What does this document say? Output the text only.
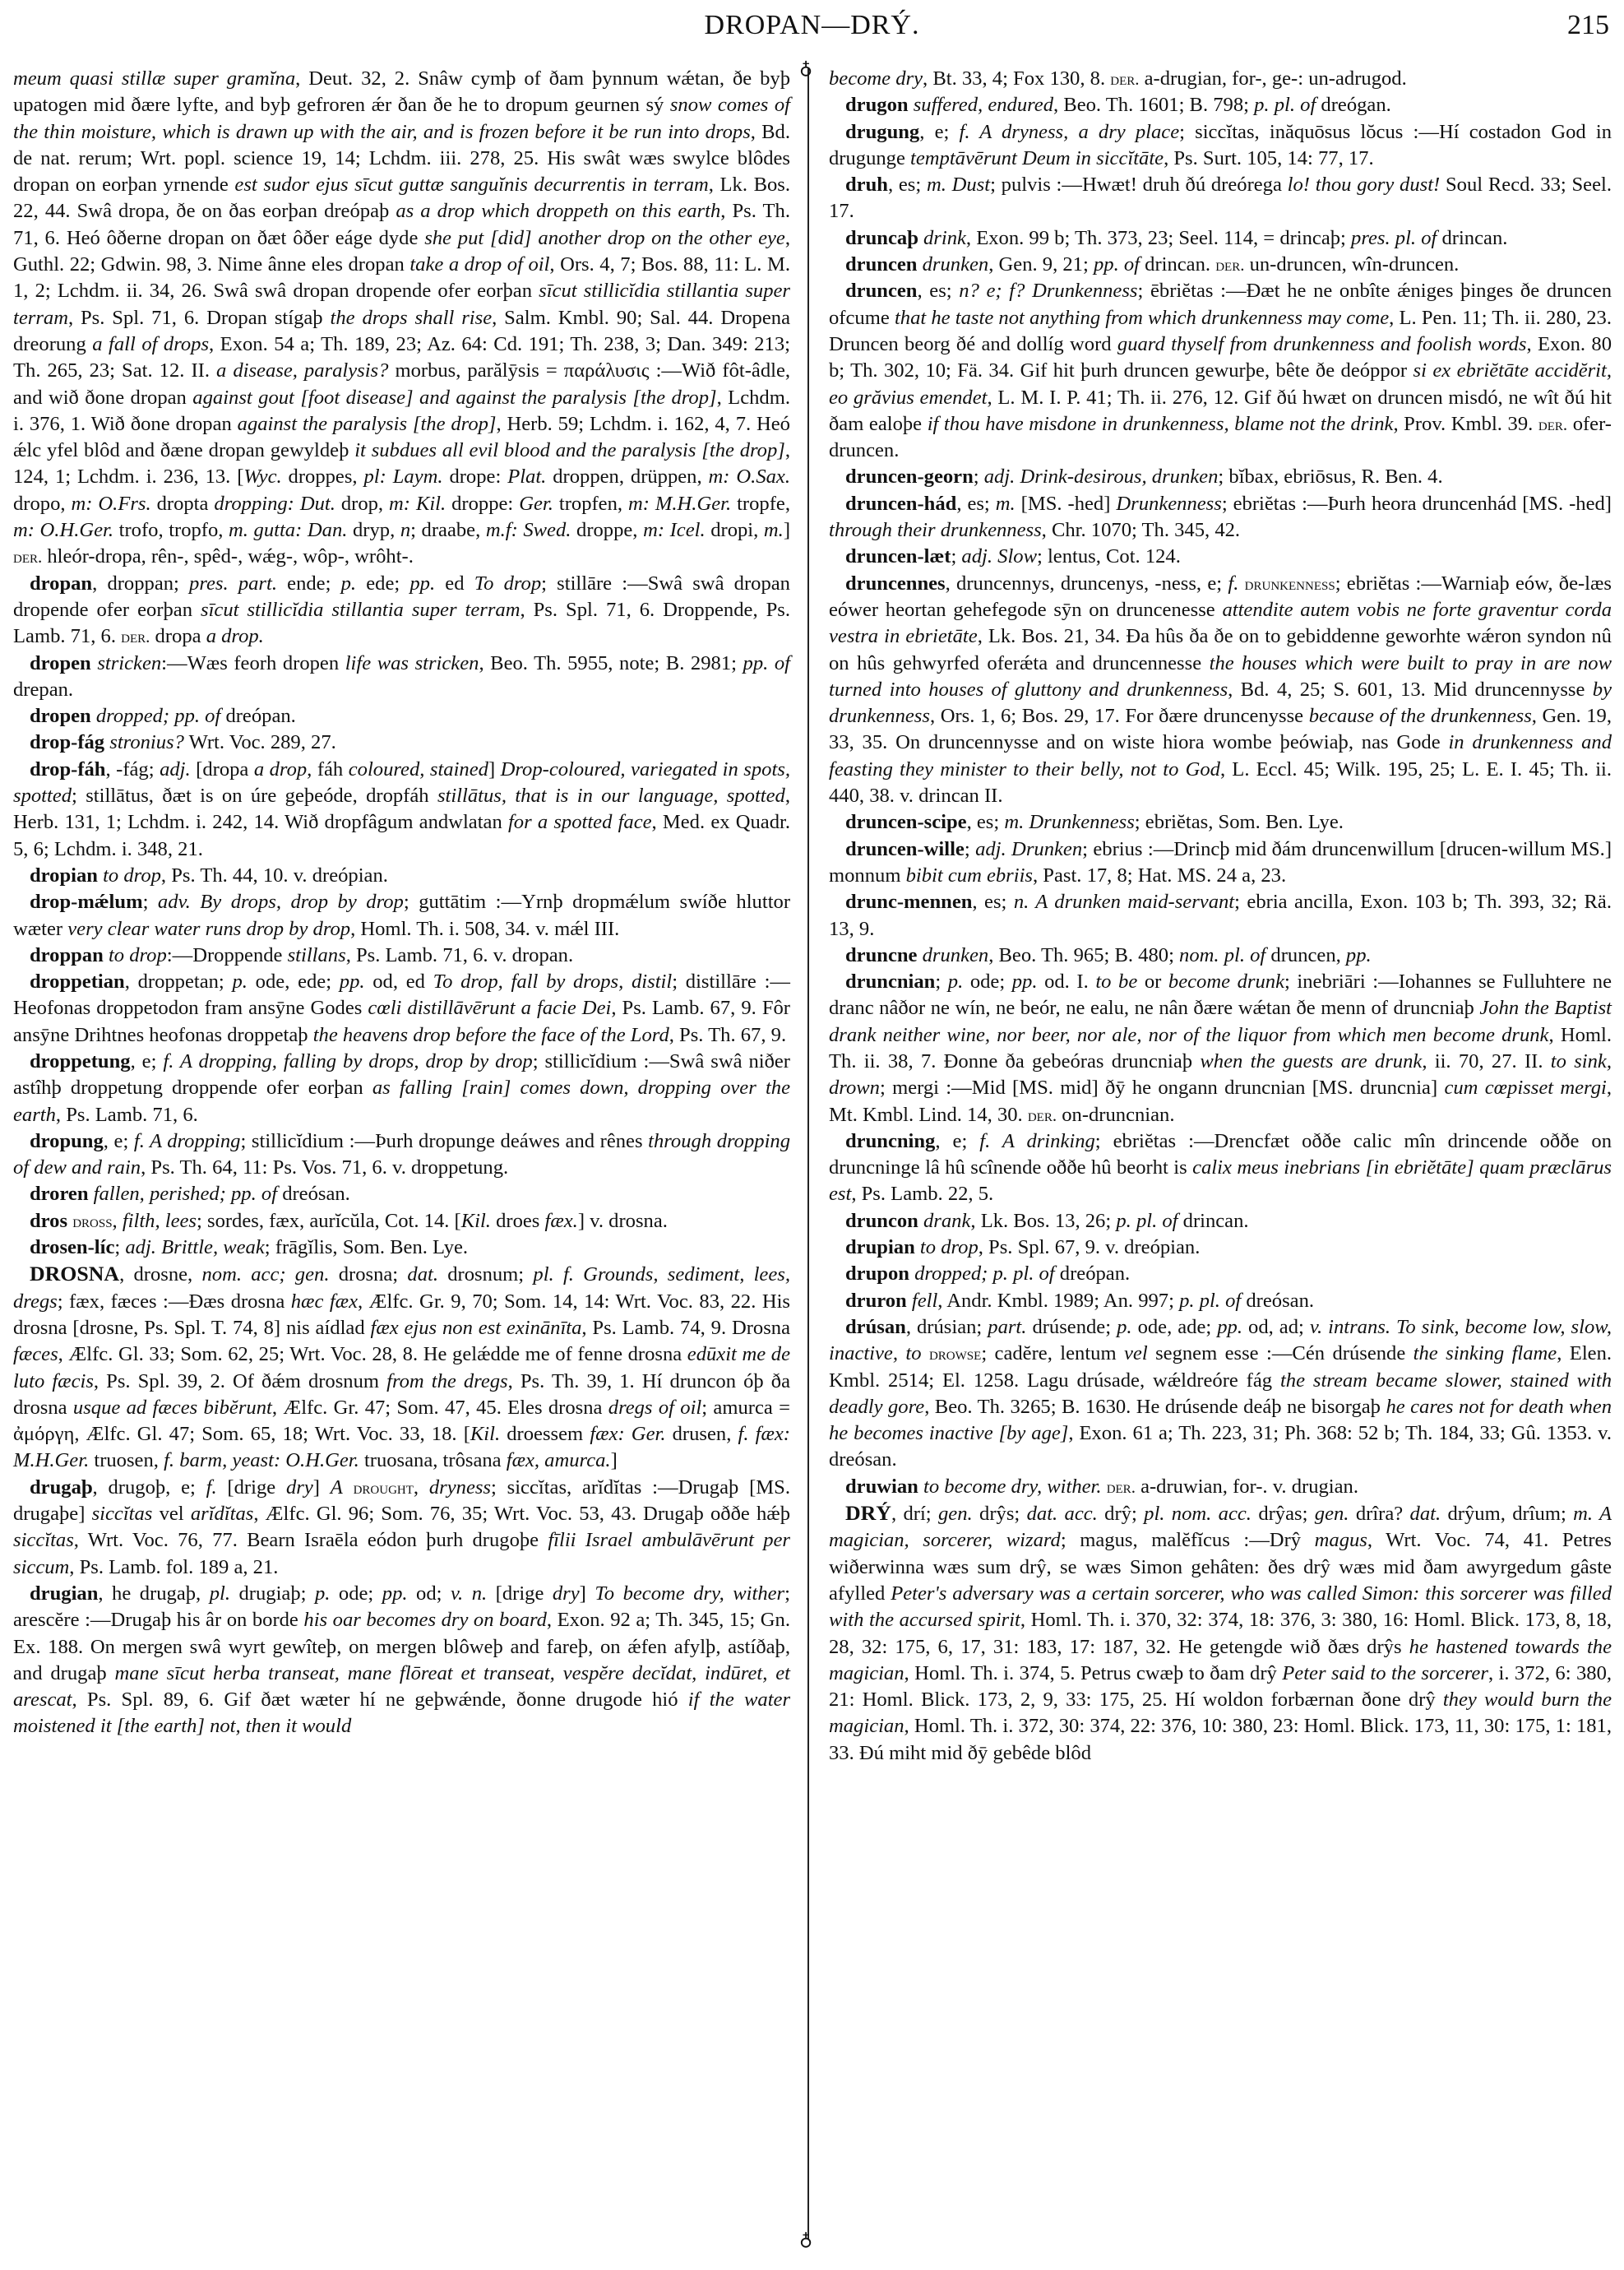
DROPAN—DRÝ.	215

meum quasi stillæ super gramĭna, Deut. 32, 2. Snâw cymþ of ðam þynnum wǽtan, ðe byþ upatogen mid ðære lyfte, and byþ gefroren ǽr ðan ðe he to dropum geurnen sý snow comes of the thin moisture, which is drawn up with the air, and is frozen before it be run into drops, Bd. de nat. rerum; Wrt. popl. science 19, 14; Lchdm. iii. 278, 25. His swât wæs swylce blôdes dropan on eorþan yrnende est sudor ejus sīcut guttæ sanguĭnis decurrentis in terram, Lk. Bos. 22, 44. Swâ dropa, ðe on ðas eorþan dreópaþ as a drop which droppeth on this earth, Ps. Th. 71, 6. Heó ôðerne dropan on ðæt ôðer eáge dyde she put [did] another drop on the other eye, Guthl. 22; Gdwin. 98, 3. Nime ânne eles dropan take a drop of oil, Ors. 4, 7; Bos. 88, 11: L. M. 1, 2; Lchdm. ii. 34, 26. Swâ swâ dropan dropende ofer eorþan sīcut stillicĭdia stillantia super terram, Ps. Spl. 71, 6. Dropan stígaþ the drops shall rise, Salm. Kmbl. 90; Sal. 44. Dropena dreorung a fall of drops, Exon. 54 a; Th. 189, 23; Az. 64: Cd. 191; Th. 238, 3; Dan. 349: 213; Th. 265, 23; Sat. 12. II. a disease, paralysis? morbus, parălȳsis = παράλυσις :—Wið fôt-âdle, and wið ðone dropan against gout [foot disease] and against the paralysis [the drop], Lchdm. i. 376, 1. Wið ðone dropan against the paralysis [the drop], Herb. 59; Lchdm. i. 162, 4, 7. Heó ǽlc yfel blôd and ðæne dropan gewyldeþ it subdues all evil blood and the paralysis [the drop], 124, 1; Lchdm. i. 236, 13. [Wyc. droppes, pl: Laym. drope: Plat. droppen, drüppen, m: O.Sax. dropo, m: O.Frs. dropta dropping: Dut. drop, m: Kil. droppe: Ger. tropfen, m: M.H.Ger. tropfe, m: O.H.Ger. trofo, tropfo, m. gutta: Dan. dryp, n; draabe, m.f: Swed. droppe, m: Icel. dropi, m.] der. hleór-dropa, rên-, spêd-, wǽg-, wôp-, wrôht-.

dropan, droppan; pres. part. ende; p. ede; pp. ed To drop; stillāre :—Swâ swâ dropan dropende ofer eorþan sīcut stillicĭdia stillantia super terram, Ps. Spl. 71, 6. Droppende, Ps. Lamb. 71, 6. der. dropa a drop.

dropen stricken:—Wæs feorh dropen life was stricken, Beo. Th. 5955, note; B. 2981; pp. of drepan.

dropen dropped; pp. of dreópan.

drop-fág stronius? Wrt. Voc. 289, 27.

drop-fáh, -fág; adj. [dropa a drop, fáh coloured, stained] Drop-coloured, variegated in spots, spotted; stillātus, ðæt is on úre geþeóde, dropfáh stillātus, that is in our language, spotted, Herb. 131, 1; Lchdm. i. 242, 14. Wið dropfâgum andwlatan for a spotted face, Med. ex Quadr. 5, 6; Lchdm. i. 348, 21.

dropian to drop, Ps. Th. 44, 10. v. dreópian.

drop-mǽlum; adv. By drops, drop by drop; guttātim :—Yrnþ dropmǽlum swíðe hluttor wæter very clear water runs drop by drop, Homl. Th. i. 508, 34. v. mǽl III.

droppan to drop:—Droppende stillans, Ps. Lamb. 71, 6. v. dropan.

droppetian, droppetan; p. ode, ede; pp. od, ed To drop, fall by drops, distil; distillāre :—Heofonas droppetodon fram ansȳne Godes cœli distillāvērunt a facie Dei, Ps. Lamb. 67, 9. Fôr ansȳne Drihtnes heofonas droppetaþ the heavens drop before the face of the Lord, Ps. Th. 67, 9.

droppetung, e; f. A dropping, falling by drops, drop by drop; stillicĭdium :—Swâ swâ niðer astîhþ droppetung droppende ofer eorþan as falling [rain] comes down, dropping over the earth, Ps. Lamb. 71, 6.

dropung, e; f. A dropping; stillicĭdium :—Þurh dropunge deáwes and rênes through dropping of dew and rain, Ps. Th. 64, 11: Ps. Vos. 71, 6. v. droppetung.

droren fallen, perished; pp. of dreósan.

dros dross, filth, lees; sordes, fæx, aurĭcŭla, Cot. 14. [Kil. droes fæx.] v. drosna.

drosen-líc; adj. Brittle, weak; frāgĭlis, Som. Ben. Lye.

DROSNA, drosne, nom. acc; gen. drosna; dat. drosnum; pl. f. Grounds, sediment, lees, dregs; fæx, fæces :—Ðæs drosna hæc fæx, Ælfc. Gr. 9, 70; Som. 14, 14: Wrt. Voc. 83, 22. His drosna [drosne, Ps. Spl. T. 74, 8] nis aídlad fæx ejus non est exinānīta, Ps. Lamb. 74, 9. Drosna fæces, Ælfc. Gl. 33; Som. 62, 25; Wrt. Voc. 28, 8. He gelǽdde me of fenne drosna edūxit me de luto fæcis, Ps. Spl. 39, 2. Of ðǽm drosnum from the dregs, Ps. Th. 39, 1. Hí druncon óþ ða drosna usque ad fæces bibĕrunt, Ælfc. Gr. 47; Som. 47, 45. Eles drosna dregs of oil; amurca = ἀμόργη, Ælfc. Gl. 47; Som. 65, 18; Wrt. Voc. 33, 18. [Kil. droessem fæx: Ger. drusen, f. fæx: M.H.Ger. truosen, f. barm, yeast: O.H.Ger. truosana, trôsana fæx, amurca.]

drugaþ, drugoþ, e; f. [drige dry] A drought, dryness; siccĭtas, arĭdĭtas :—Drugaþ [MS. drugaþe] siccĭtas vel arĭdĭtas, Ælfc. Gl. 96; Som. 76, 35; Wrt. Voc. 53, 43. Drugaþ oððe hǽþ siccĭtas, Wrt. Voc. 76, 77. Bearn Israēla eódon þurh drugoþe fīlii Israel ambulāvērunt per siccum, Ps. Lamb. fol. 189 a, 21.

drugian, he drugaþ, pl. drugiaþ; p. ode; pp. od; v. n. [drige dry] To become dry, wither; arescĕre :—Drugaþ his âr on borde his oar becomes dry on board, Exon. 92 a; Th. 345, 15; Gn. Ex. 188. On mergen swâ wyrt gewîteþ, on mergen blôweþ and fareþ, on ǽfen afylþ, astíðaþ, and drugaþ mane sīcut herba transeat, mane flōreat et transeat, vespĕre decĭdat, indūret, et arescat, Ps. Spl. 89, 6. Gif ðæt wæter hí ne geþwǽnde, ðonne drugode hió if the water moistened it [the earth] not, then it would

♁
♁

become dry, Bt. 33, 4; Fox 130, 8. der. a-drugian, for-, ge-: un-adrugod.

drugon suffered, endured, Beo. Th. 1601; B. 798; p. pl. of dreógan.

drugung, e; f. A dryness, a dry place; siccĭtas, inăquōsus lŏcus :—Hí costadon God in drugunge temptāvērunt Deum in siccĭtāte, Ps. Surt. 105, 14: 77, 17.

druh, es; m. Dust; pulvis :—Hwæt! druh ðú dreórega lo! thou gory dust! Soul Recd. 33; Seel. 17.

druncaþ drink, Exon. 99 b; Th. 373, 23; Seel. 114, = drincaþ; pres. pl. of drincan.

druncen drunken, Gen. 9, 21; pp. of drincan. der. un-druncen, wîn-druncen.

druncen, es; n? e; f? Drunkenness; ēbriĕtas :—Ðæt he ne onbîte ǽniges þinges ðe druncen ofcume that he taste not anything from which drunkenness may come, L. Pen. 11; Th. ii. 280, 23. Druncen beorg ðé and dollíg word guard thyself from drunkenness and foolish words, Exon. 80 b; Th. 302, 10; Fä. 34. Gif hit þurh druncen gewurþe, bête ðe deóppor si ex ebriĕtāte accidĕrit, eo grăvius emendet, L. M. I. P. 41; Th. ii. 276, 12. Gif ðú hwæt on druncen misdó, ne wît ðú hit ðam ealoþe if thou have misdone in drunkenness, blame not the drink, Prov. Kmbl. 39. der. ofer-druncen.

druncen-georn; adj. Drink-desirous, drunken; bĭbax, ebriōsus, R. Ben. 4.

druncen-hád, es; m. [MS. -hed] Drunkenness; ebriĕtas :—Þurh heora druncenhád [MS. -hed] through their drunkenness, Chr. 1070; Th. 345, 42.

druncen-læt; adj. Slow; lentus, Cot. 124.

druncennes, druncennys, druncenys, -ness, e; f. drunkenness; ebriĕtas :—Warniaþ eów, ðe-læs eówer heortan gehefegode sȳn on druncenesse attendite autem vobis ne forte graventur corda vestra in ebrietāte, Lk. Bos. 21, 34. Ða hûs ða ðe on to gebiddenne geworhte wǽron syndon nû on hûs gehwyrfed oferǽta and druncennesse the houses which were built to pray in are now turned into houses of gluttony and drunkenness, Bd. 4, 25; S. 601, 13. Mid druncennysse by drunkenness, Ors. 1, 6; Bos. 29, 17. For ðære druncenysse because of the drunkenness, Gen. 19, 33, 35. On druncennysse and on wiste hiora wombe þeówiaþ, nas Gode in drunkenness and feasting they minister to their belly, not to God, L. Eccl. 45; Wilk. 195, 25; L. E. I. 45; Th. ii. 440, 38. v. drincan II.

druncen-scipe, es; m. Drunkenness; ebriĕtas, Som. Ben. Lye.

druncen-wille; adj. Drunken; ebrius :—Drincþ mid ðám druncenwillum [drucen-willum MS.] monnum bibit cum ebriis, Past. 17, 8; Hat. MS. 24 a, 23.

drunc-mennen, es; n. A drunken maid-servant; ebria ancilla, Exon. 103 b; Th. 393, 32; Rä. 13, 9.

druncne drunken, Beo. Th. 965; B. 480; nom. pl. of druncen, pp.

druncnian; p. ode; pp. od. I. to be or become drunk; inebriāri :—Iohannes se Fulluhtere ne dranc nâðor ne wín, ne beór, ne ealu, ne nân ðære wǽtan ðe menn of druncniaþ John the Baptist drank neither wine, nor beer, nor ale, nor of the liquor from which men become drunk, Homl. Th. ii. 38, 7. Ðonne ða gebeóras druncniaþ when the guests are drunk, ii. 70, 27. II. to sink, drown; mergi :—Mid [MS. mid] ðȳ he ongann druncnian [MS. druncnia] cum cœpisset mergi, Mt. Kmbl. Lind. 14, 30. der. on-druncnian.

druncning, e; f. A drinking; ebriĕtas :—Drencfæt oððe calic mîn drincende oððe on druncninge lâ hû scînende oððe hû beorht is calix meus inebrians [in ebriĕtāte] quam præclārus est, Ps. Lamb. 22, 5.

druncon drank, Lk. Bos. 13, 26; p. pl. of drincan.

drupian to drop, Ps. Spl. 67, 9. v. dreópian.

drupon dropped; p. pl. of dreópan.

druron fell, Andr. Kmbl. 1989; An. 997; p. pl. of dreósan.

drúsan, drúsian; part. drúsende; p. ode, ade; pp. od, ad; v. intrans. To sink, become low, slow, inactive, to drowse; cadĕre, lentum vel segnem esse :—Cén drúsende the sinking flame, Elen. Kmbl. 2514; El. 1258. Lagu drúsade, wǽldreóre fág the stream became slower, stained with deadly gore, Beo. Th. 3265; B. 1630. He drúsende deáþ ne bisorgaþ he cares not for death when he becomes inactive [by age], Exon. 61 a; Th. 223, 31; Ph. 368: 52 b; Th. 184, 33; Gû. 1353. v. dreósan.

druwian to become dry, wither. der. a-druwian, for-. v. drugian.

DRÝ, drí; gen. drŷs; dat. acc. drŷ; pl. nom. acc. drŷas; gen. drîra? dat. drŷum, drîum; m. A magician, sorcerer, wizard; magus, malĕfĭcus :—Drŷ magus, Wrt. Voc. 74, 41. Petres wiðerwinna wæs sum drŷ, se wæs Simon gehâten: ðes drŷ wæs mid ðam awyrgedum gâste afylled Peter's adversary was a certain sorcerer, who was called Simon: this sorcerer was filled with the accursed spirit, Homl. Th. i. 370, 32: 374, 18: 376, 3: 380, 16: Homl. Blick. 173, 8, 18, 28, 32: 175, 6, 17, 31: 183, 17: 187, 32. He getengde wið ðæs drŷs he hastened towards the magician, Homl. Th. i. 374, 5. Petrus cwæþ to ðam drŷ Peter said to the sorcerer, i. 372, 6: 380, 21: Homl. Blick. 173, 2, 9, 33: 175, 25. Hí woldon forbærnan ðone drŷ they would burn the magician, Homl. Th. i. 372, 30: 374, 22: 376, 10: 380, 23: Homl. Blick. 173, 11, 30: 175, 1: 181, 33. Ðú miht mid ðȳ gebêde blôd
